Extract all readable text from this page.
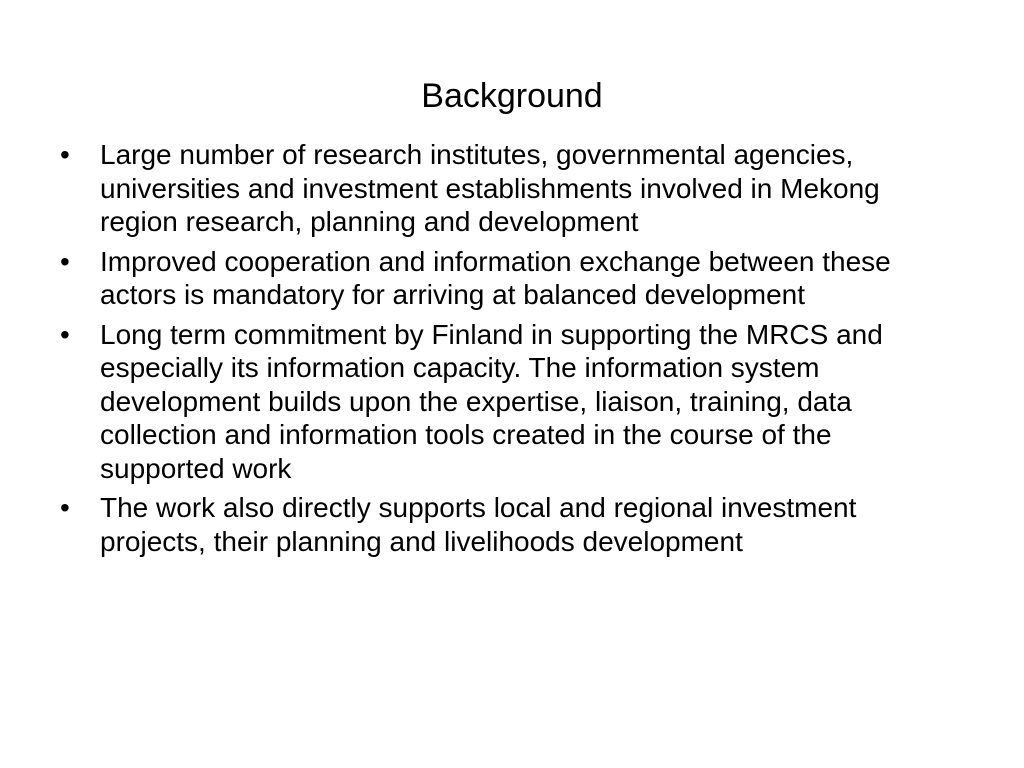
Background
•	Large number of research institutes, governmental agencies, universities and investment establishments involved in Mekong region research, planning and development
•	Improved cooperation and information exchange between these actors is mandatory for arriving at balanced development
•	Long term commitment by Finland in supporting the MRCS and especially its information capacity. The information system development builds upon the expertise, liaison, training, data collection and information tools created in the course of the supported work
•	The work also directly supports local and regional investment projects, their planning and livelihoods development
